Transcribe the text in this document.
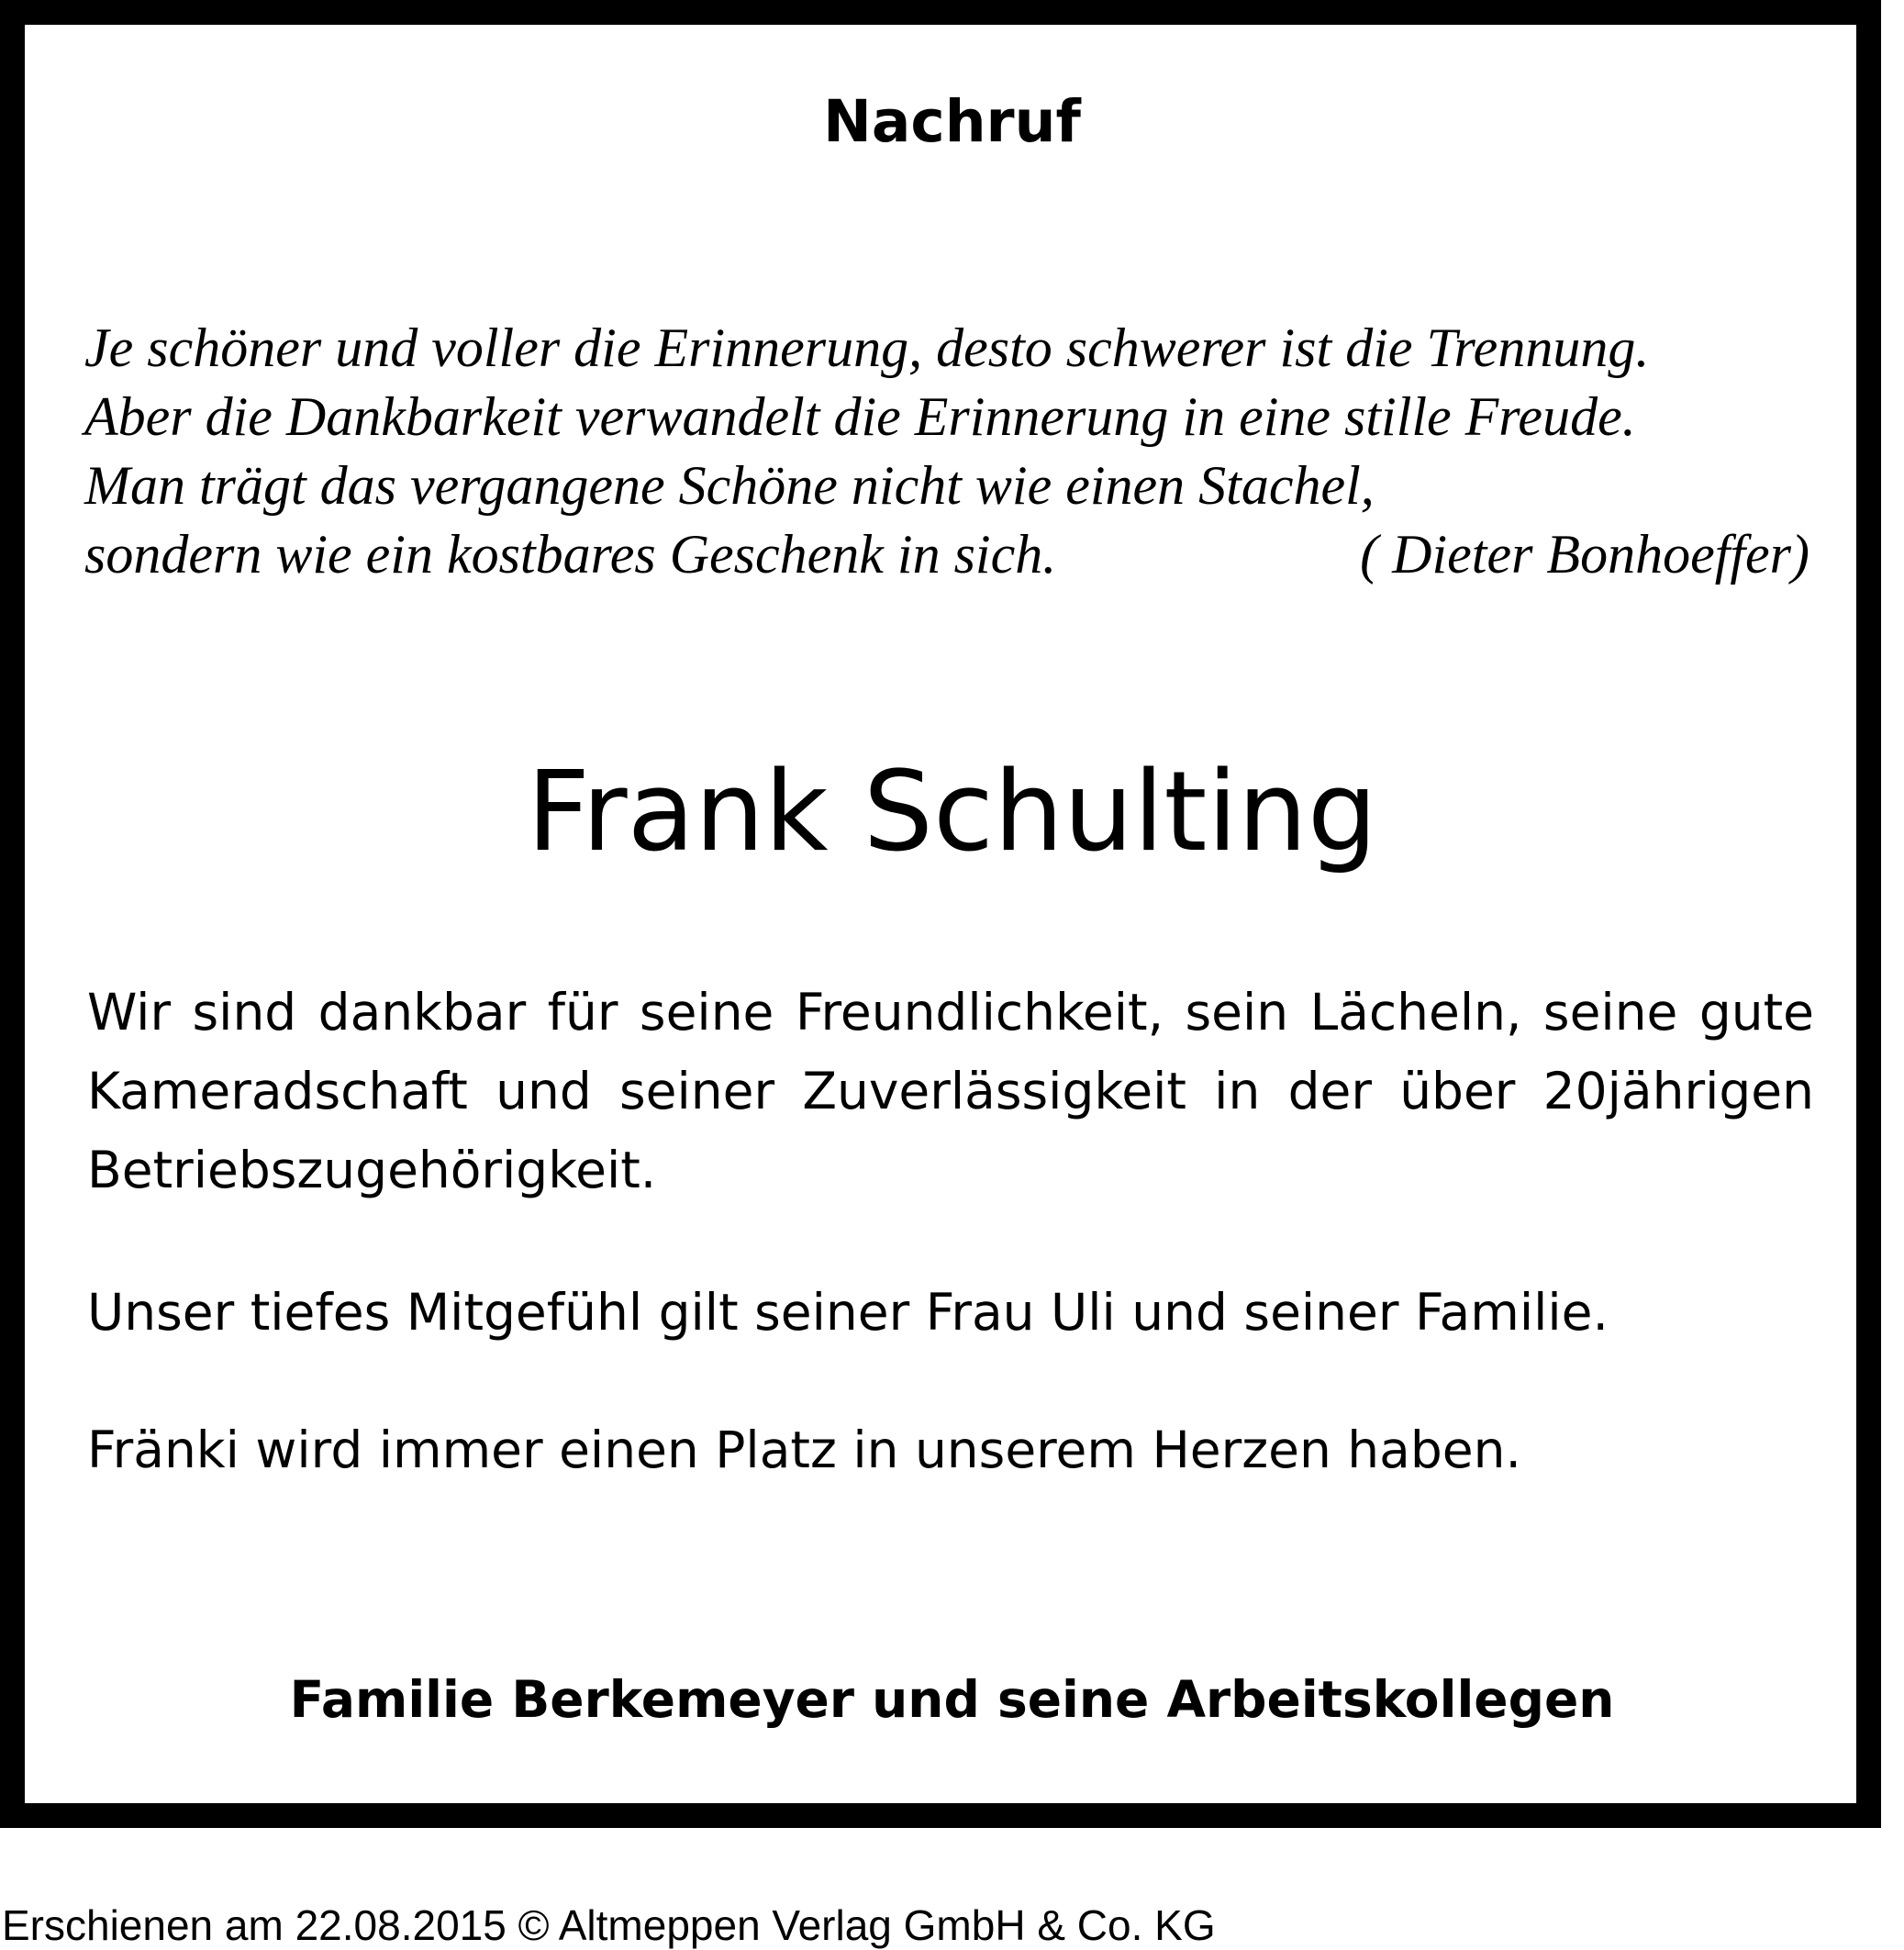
Nachruf
Je schöner und voller die Erinnerung, desto schwerer ist die Trennung.
Aber die Dankbarkeit verwandelt die Erinnerung in eine stille Freude.
Man trägt das vergangene Schöne nicht wie einen Stachel,
sondern wie ein kostbares Geschenk in sich.	( Dieter Bonhoeffer)
Frank Schulting
Wir sind dankbar für seine Freundlichkeit, sein Lächeln, seine gute Kameradschaft und seiner Zuverlässigkeit in der über 20jährigen Betriebszugehörigkeit.
Unser tiefes Mitgefühl gilt seiner Frau Uli und seiner Familie.
Fränki wird immer einen Platz in unserem Herzen haben.
Familie Berkemeyer und seine Arbeitskollegen
Erschienen am 22.08.2015 © Altmeppen Verlag GmbH & Co. KG
